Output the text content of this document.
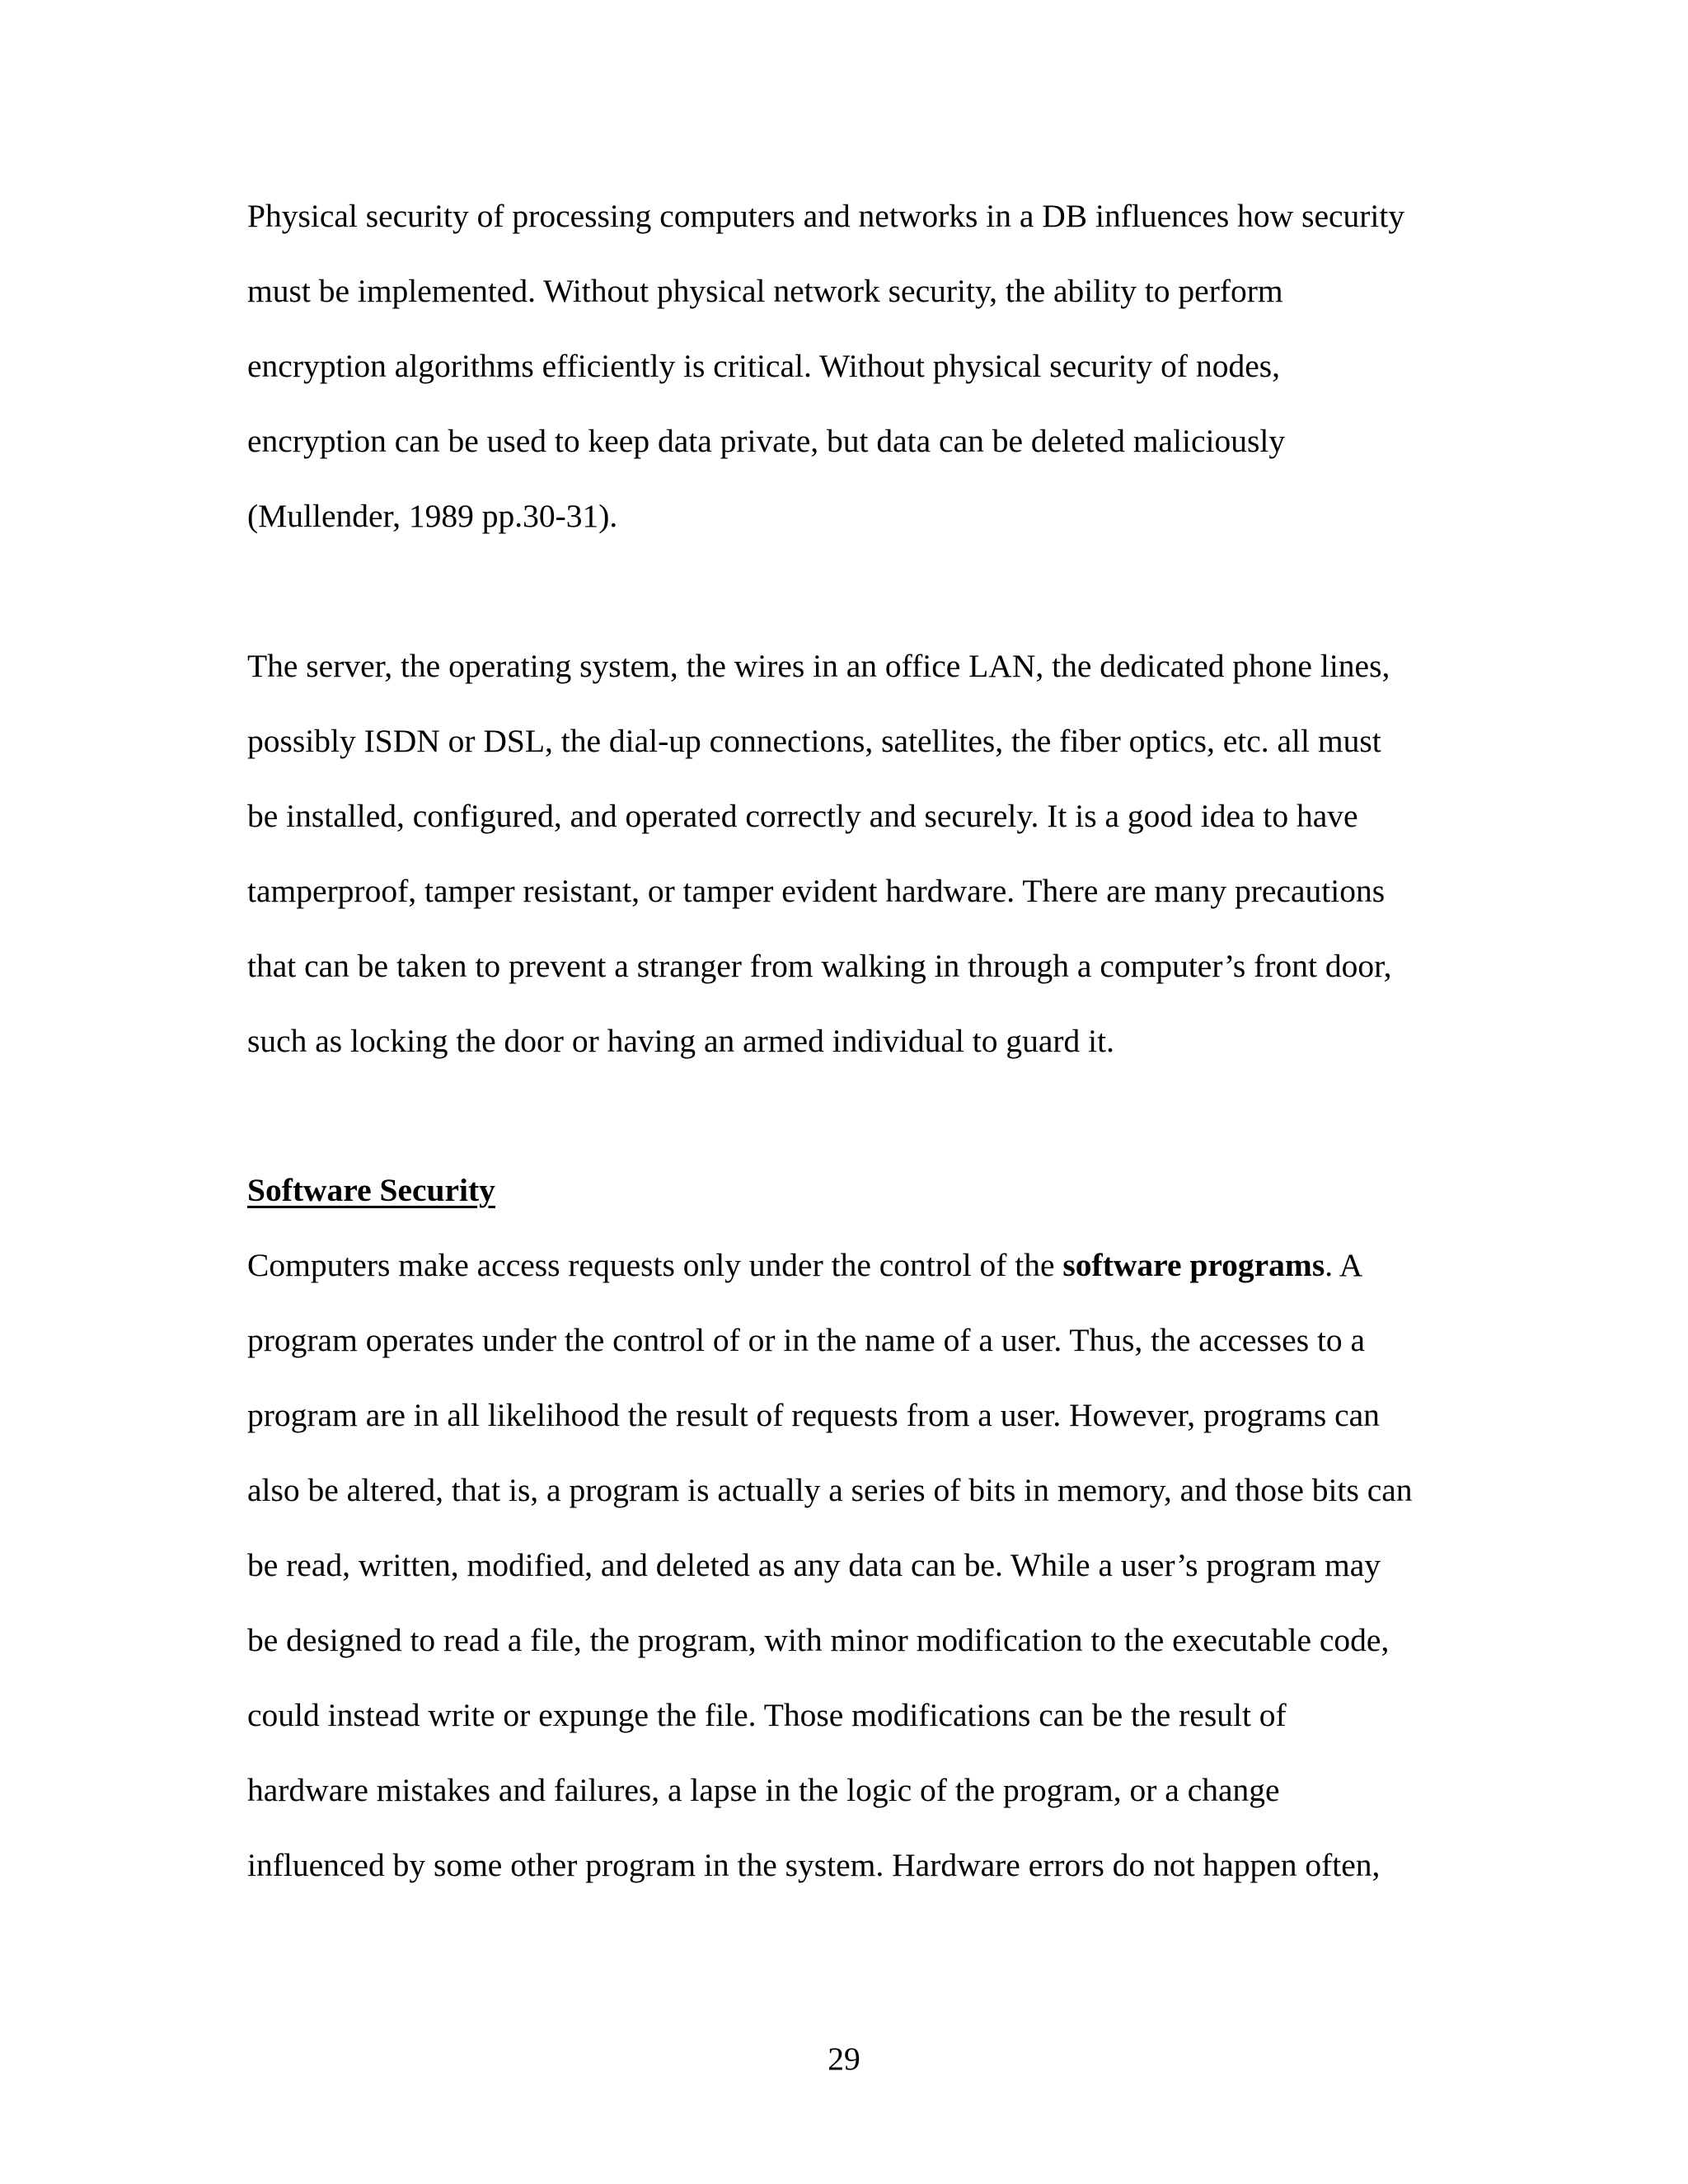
Physical security of processing computers and networks in a DB influences how security
must be implemented. Without physical network security, the ability to perform
encryption algorithms efficiently is critical. Without physical security of nodes,
encryption can be used to keep data private, but data can be deleted maliciously
(Mullender, 1989 pp.30-31).
The server, the operating system, the wires in an office LAN, the dedicated phone lines,
possibly ISDN or DSL, the dial-up connections, satellites, the fiber optics, etc. all must
be installed, configured, and operated correctly and securely. It is a good idea to have
tamperproof, tamper resistant, or tamper evident hardware. There are many precautions
that can be taken to prevent a stranger from walking in through a computer’s front door,
such as locking the door or having an armed individual to guard it.
Software Security
Computers make access requests only under the control of the software programs. A
program operates under the control of or in the name of a user. Thus, the accesses to a
program are in all likelihood the result of requests from a user. However, programs can
also be altered, that is, a program is actually a series of bits in memory, and those bits can
be read, written, modified, and deleted as any data can be. While a user’s program may
be designed to read a file, the program, with minor modification to the executable code,
could instead write or expunge the file. Those modifications can be the result of
hardware mistakes and failures, a lapse in the logic of the program, or a change
influenced by some other program in the system. Hardware errors do not happen often,
29
